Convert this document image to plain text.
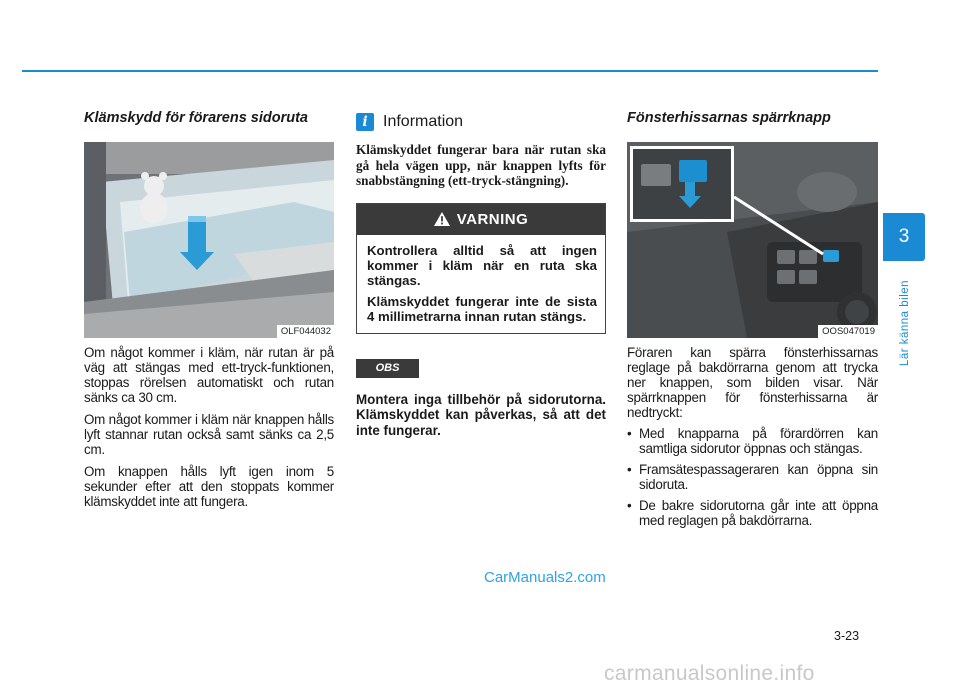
Klämskydd för förarens sidoruta
OLF044032

Om något kommer i kläm, när rutan är på väg att stängas med ett-tryck-funktionen, stoppas rörelsen automatiskt och rutan sänks ca 30 cm.

Om något kommer i kläm när knappen hålls lyft stannar rutan också samt sänks ca 2,5 cm.

Om knappen hålls lyft igen inom 5 sekunder efter att den stoppats kommer klämskyddet inte att fungera.

i Information

Klämskyddet fungerar bara när rutan ska gå hela vägen upp, när knappen lyfts för snabbstängning (ett-tryck-stängning).

VARNING

Kontrollera alltid så att ingen kommer i kläm när en ruta ska stängas.

Klämskyddet fungerar inte de sista 4 millimetrarna innan rutan stängs.

OBS

Montera inga tillbehör på sidorutorna. Klämskyddet kan påverkas, så att det inte fungerar.

Fönsterhissarnas spärrknapp
OOS047019

Föraren kan spärra fönsterhissarnas reglage på bakdörrarna genom att trycka ner knappen, som bilden visar. När spärrknappen för fönsterhissarna är nedtryckt:

• Med knapparna på förardörren kan samtliga sidorutor öppnas och stängas.
• Framsätespassageraren kan öppna sin sidoruta.
• De bakre sidorutorna går inte att öppna med reglagen på bakdörrarna.
3
Lär känna bilen
3-23
CarManuals2.com
carmanualsonline.info
